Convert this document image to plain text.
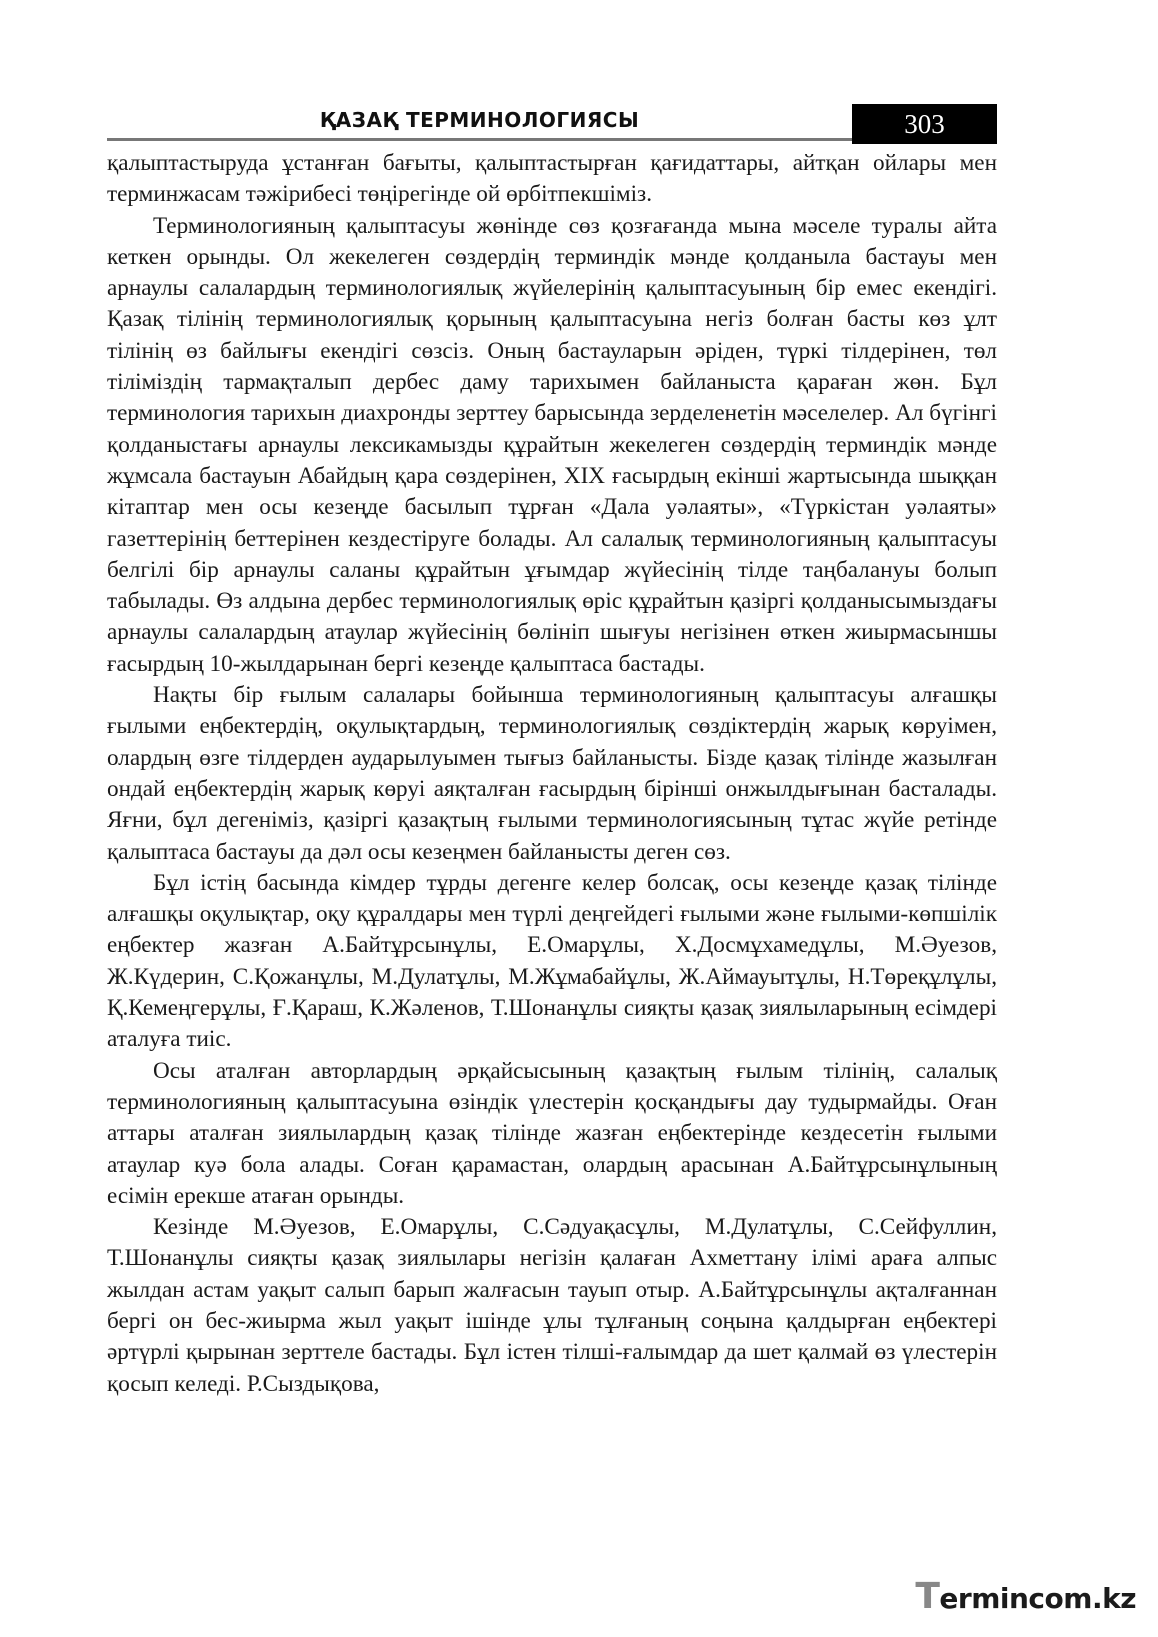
ҚАЗАҚ ТЕРМИНОЛОГИЯСЫ	303

қалыптастыруда ұстанған бағыты, қалыптастырған қағидаттары, айтқан ойлары мен терминжасам тәжірибесі төңірегінде ой өрбітпекшіміз.

Терминологияның қалыптасуы жөнінде сөз қозғағанда мына мәселе туралы айта кеткен орынды. Ол жекелеген сөздердің терминдік мәнде қолданыла бастауы мен арнаулы салалардың терминологиялық жүйелерінің қалыптасуының бір емес екендігі. Қазақ тілінің терминологиялық қорының қалыптасуына негіз болған басты көз ұлт тілінің өз байлығы екендігі сөзсіз. Оның бастауларын әріден, түркі тілдерінен, төл тіліміздің тармақталып дербес даму тарихымен байланыста қараған жөн. Бұл терминология тарихын диахронды зерттеу барысында зерделенетін мәселелер. Ал бүгінгі қолданыстағы арнаулы лексикамызды құрайтын жекелеген сөздердің терминдік мәнде жұмсала бастауын Абайдың қара сөздерінен, ХІХ ғасырдың екінші жартысында шыққан кітаптар мен осы кезеңде басылып тұрған «Дала уәлаяты», «Түркістан уәлаяты» газеттерінің беттерінен кездестіруге болады. Ал салалық терминологияның қалыптасуы белгілі бір арнаулы саланы құрайтын ұғымдар жүйесінің тілде таңбалануы болып табылады. Өз алдына дербес терминологиялық өріс құрайтын қазіргі қолданысымыздағы арнаулы салалардың атаулар жүйесінің бөлініп шығуы негізінен өткен жиырмасыншы ғасырдың 10-жылдарынан бергі кезеңде қалыптаса бастады.

Нақты бір ғылым салалары бойынша терминологияның қалыптасуы алғашқы ғылыми еңбектердің, оқулықтардың, терминологиялық сөздіктердің жарық көруімен, олардың өзге тілдерден аударылуымен тығыз байланысты. Бізде қазақ тілінде жазылған ондай еңбектердің жарық көруі аяқталған ғасырдың бірінші онжылдығынан басталады. Яғни, бұл дегеніміз, қазіргі қазақтың ғылыми терминологиясының тұтас жүйе ретінде қалыптаса бастауы да дәл осы кезеңмен байланысты деген сөз.

Бұл істің басында кімдер тұрды дегенге келер болсақ, осы кезеңде қазақ тілінде алғашқы оқулықтар, оқу құралдары мен түрлі деңгейдегі ғылыми және ғылыми-көпшілік еңбектер жазған А.Байтұрсынұлы, Е.Омарұлы, Х.Досмұхамедұлы, М.Әуезов, Ж.Күдерин, С.Қожанұлы, М.Дулатұлы, М.Жұмабайұлы, Ж.Аймауытұлы, Н.Төреқұлұлы, Қ.Кемеңгерұлы, Ғ.Қараш, К.Жәленов, Т.Шонанұлы сияқты қазақ зиялыларының есімдері аталуға тиіс.

Осы аталған авторлардың әрқайсысының қазақтың ғылым тілінің, салалық терминологияның қалыптасуына өзіндік үлестерін қосқандығы дау тудырмайды. Оған аттары аталған зиялылардың қазақ тілінде жазған еңбектерінде кездесетін ғылыми атаулар куә бола алады. Соған қарамастан, олардың арасынан А.Байтұрсынұлының есімін ерекше атаған орынды.

Кезінде М.Әуезов, Е.Омарұлы, С.Сәдуақасұлы, М.Дулатұлы, С.Сейфуллин, Т.Шонанұлы сияқты қазақ зиялылары негізін қалаған Ахметтану ілімі араға алпыс жылдан астам уақыт салып барып жалғасын тауып отыр. А.Байтұрсынұлы ақталғаннан бергі он бес-жиырма жыл уақыт ішінде ұлы тұлғаның соңына қалдырған еңбектері әртүрлі қырынан зерттеле бастады. Бұл істен тілші-ғалымдар да шет қалмай өз үлестерін қосып келеді. Р.Сыздықова,

Termincom.kz
